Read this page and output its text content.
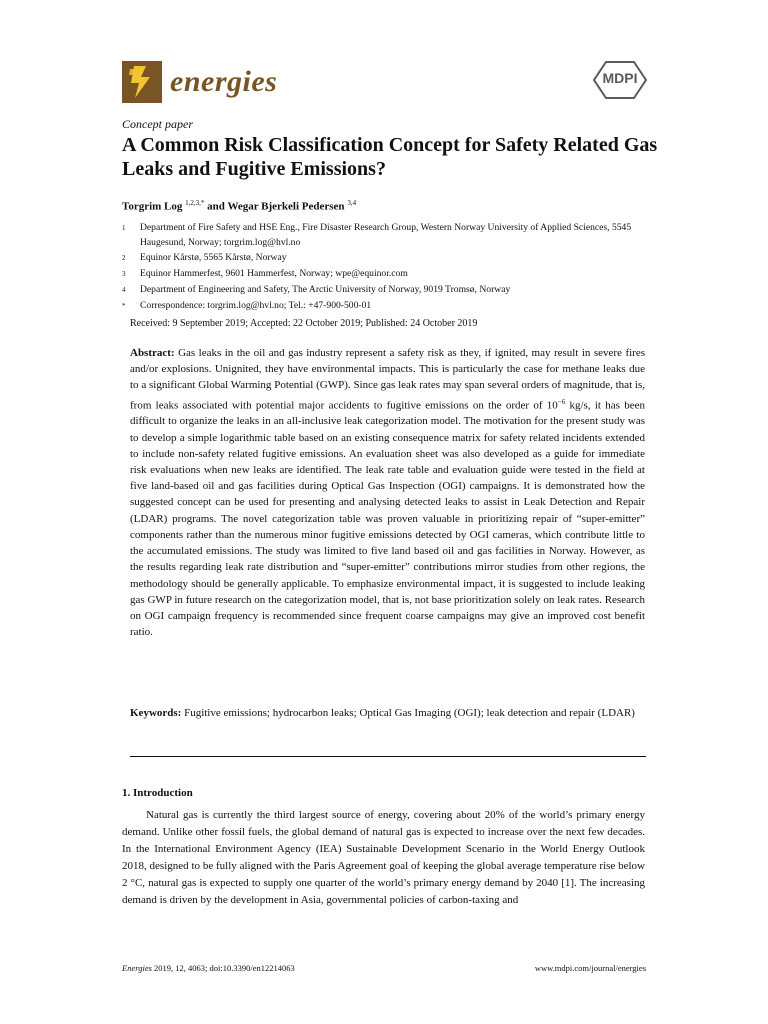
energies	MDPI
Concept paper
A Common Risk Classification Concept for Safety Related Gas Leaks and Fugitive Emissions?
Torgrim Log $^{1,2,3,*}$ and Wegar Bjerkeli Pedersen $^{3,4}$
1	Department of Fire Safety and HSE Eng., Fire Disaster Research Group, Western Norway University of Applied Sciences, 5545 Haugesund, Norway; torgrim.log@hvl.no
2	Equinor Kårstø, 5565 Kårstø, Norway
3	Equinor Hammerfest, 9601 Hammerfest, Norway; wpe@equinor.com
4	Department of Engineering and Safety, The Arctic University of Norway, 9019 Tromsø, Norway
*	Correspondence: torgrim.log@hvl.no; Tel.: +47-900-500-01
Received: 9 September 2019; Accepted: 22 October 2019; Published: 24 October 2019
Abstract: Gas leaks in the oil and gas industry represent a safety risk as they, if ignited, may result in severe fires and/or explosions. Unignited, they have environmental impacts. This is particularly the case for methane leaks due to a significant Global Warming Potential (GWP). Since gas leak rates may span several orders of magnitude, that is, from leaks associated with potential major accidents to fugitive emissions on the order of $10^{-6}$ kg/s, it has been difficult to organize the leaks in an all-inclusive leak categorization model. The motivation for the present study was to develop a simple logarithmic table based on an existing consequence matrix for safety related incidents extended to include non-safety related fugitive emissions. An evaluation sheet was also developed as a guide for immediate risk evaluations when new leaks are identified. The leak rate table and evaluation guide were tested in the field at five land-based oil and gas facilities during Optical Gas Inspection (OGI) campaigns. It is demonstrated how the suggested concept can be used for presenting and analysing detected leaks to assist in Leak Detection and Repair (LDAR) programs. The novel categorization table was proven valuable in prioritizing repair of “super-emitter” components rather than the numerous minor fugitive emissions detected by OGI cameras, which contribute little to the accumulated emissions. The study was limited to five land based oil and gas facilities in Norway. However, as the results regarding leak rate distribution and “super-emitter” contributions mirror studies from other regions, the methodology should be generally applicable. To emphasize environmental impact, it is suggested to include leaking gas GWP in future research on the categorization model, that is, not base prioritization solely on leak rates. Research on OGI campaign frequency is recommended since frequent coarse campaigns may give an improved cost benefit ratio.
Keywords: Fugitive emissions; hydrocarbon leaks; Optical Gas Imaging (OGI); leak detection and repair (LDAR)
1. Introduction
Natural gas is currently the third largest source of energy, covering about 20% of the world’s primary energy demand. Unlike other fossil fuels, the global demand of natural gas is expected to increase over the next few decades. In the International Environment Agency (IEA) Sustainable Development Scenario in the World Energy Outlook 2018, designed to be fully aligned with the Paris Agreement goal of keeping the global average temperature rise below 2 °C, natural gas is expected to supply one quarter of the world’s primary energy demand by 2040 [1]. The increasing demand is driven by the development in Asia, governmental policies of carbon-taxing and
Energies 2019, 12, 4063; doi:10.3390/en12214063	www.mdpi.com/journal/energies
